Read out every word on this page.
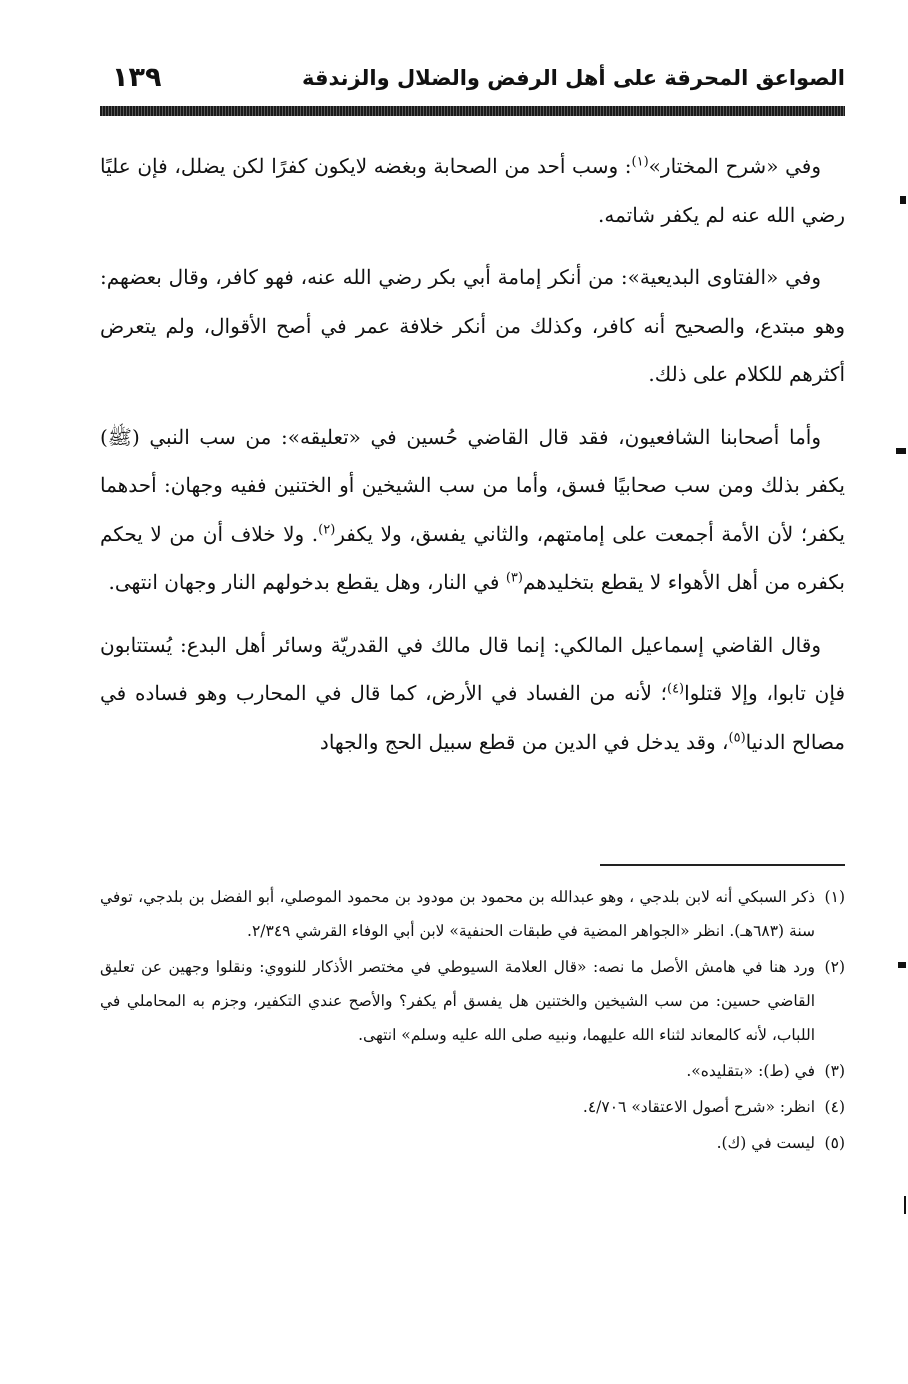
الصواعق المحرقة على أهل الرفض والضلال والزندقة
١٣٩

وفي «شرح المختار»$^{(١)}$: وسب أحد من الصحابة وبغضه لايكون كفرًا لكن يضلل، فإن عليًا رضي الله عنه لم يكفر شاتمه.

وفي «الفتاوى البديعية»: من أنكر إمامة أبي بكر رضي الله عنه، فهو كافر، وقال بعضهم: وهو مبتدع، والصحيح أنه كافر، وكذلك من أنكر خلافة عمر في أصح الأقوال، ولم يتعرض أكثرهم للكلام على ذلك.

وأما أصحابنا الشافعيون، فقد قال القاضي حُسين في «تعليقه»: من سب النبي (ﷺ) يكفر بذلك ومن سب صحابيًا فسق، وأما من سب الشيخين أو الختنين ففيه وجهان: أحدهما يكفر؛ لأن الأمة أجمعت على إمامتهم، والثاني يفسق، ولا يكفر$^{(٢)}$. ولا خلاف أن من لا يحكم بكفره من أهل الأهواء لا يقطع بتخليدهم$^{(٣)}$ في النار، وهل يقطع بدخولهم النار وجهان انتهى.

وقال القاضي إسماعيل المالكي: إنما قال مالك في القدريّة وسائر أهل البدع: يُستتابون فإن تابوا، وإلا قتلوا$^{(٤)}$؛ لأنه من الفساد في الأرض، كما قال في المحارب وهو فساده في مصالح الدنيا$^{(٥)}$، وقد يدخل في الدين من قطع سبيل الحج والجهاد

(١)
ذكر السبكي أنه لابن بلدجي ، وهو عبدالله بن محمود بن مودود بن محمود الموصلي، أبو الفضل بن بلدجي، توفي سنة (٦٨٣هـ). انظر «الجواهر المضية في طبقات الحنفية» لابن أبي الوفاء القرشي ٢/٣٤٩.
(٢)
ورد هنا في هامش الأصل ما نصه: «قال العلامة السيوطي في مختصر الأذكار للنووي: ونقلوا وجهين عن تعليق القاضي حسين: من سب الشيخين والختنين هل يفسق أم يكفر؟ والأصح عندي التكفير، وجزم به المحاملي في اللباب، لأنه كالمعاند لثناء الله عليهما، ونبيه صلى الله عليه وسلم» انتهى.
(٣)
في (ط): «بتقليده».
(٤)
انظر: «شرح أصول الاعتقاد» ٤/٧٠٦.
(٥)
ليست في (ك).
